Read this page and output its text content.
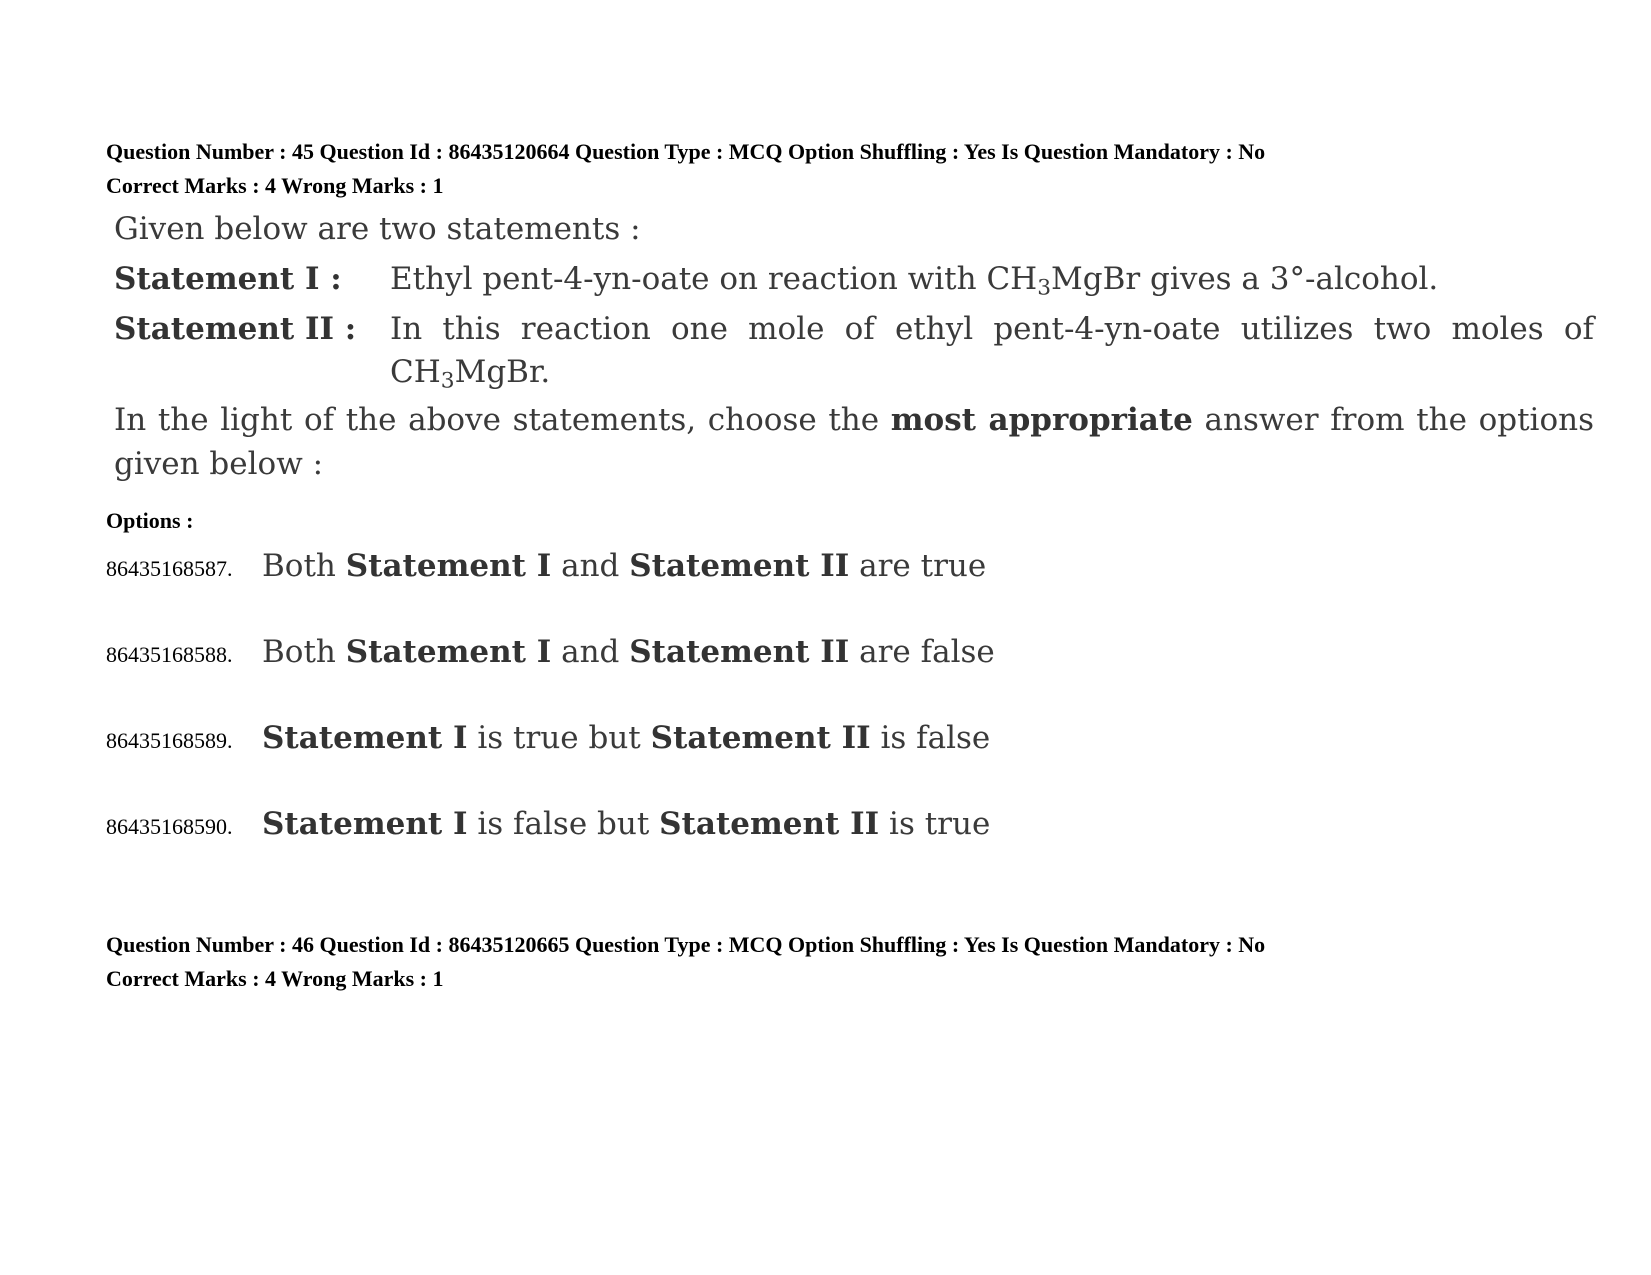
Question Number : 45 Question Id : 86435120664 Question Type : MCQ Option Shuffling : Yes Is Question Mandatory : No
Correct Marks : 4 Wrong Marks : 1
Given below are two statements :
Statement I :	Ethyl pent-4-yn-oate on reaction with $CH_3MgBr$ gives a 3°-alcohol.
Statement II :	In this reaction one mole of ethyl pent-4-yn-oate utilizes two moles of
$CH_3MgBr$.
In the light of the above statements, choose the most appropriate answer from the options
given below :
Options :
86435168587. Both Statement I and Statement II are true
86435168588. Both Statement I and Statement II are false
86435168589. Statement I is true but Statement II is false
86435168590. Statement I is false but Statement II is true
Question Number : 46 Question Id : 86435120665 Question Type : MCQ Option Shuffling : Yes Is Question Mandatory : No
Correct Marks : 4 Wrong Marks : 1
